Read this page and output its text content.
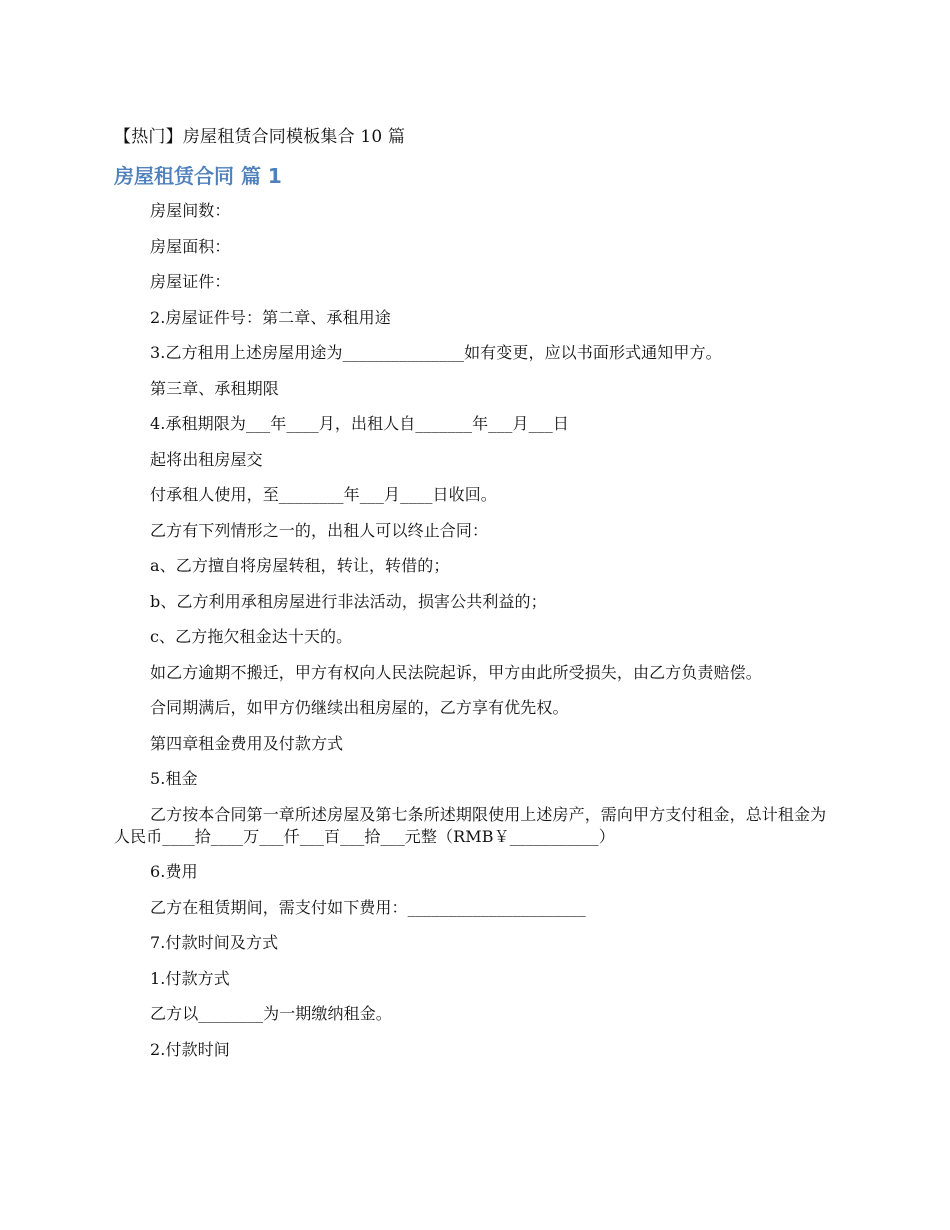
【热门】房屋租赁合同模板集合 10 篇

房屋租赁合同 篇 1

房屋间数：

房屋面积：

房屋证件：

2.房屋证件号：第二章、承租用途

3.乙方租用上述房屋用途为_______________如有变更，应以书面形式通知甲方。

第三章、承租期限

4.承租期限为___年____月，出租人自_______年___月___日

起将出租房屋交

付承租人使用，至________年___月____日收回。

乙方有下列情形之一的，出租人可以终止合同：

a、乙方擅自将房屋转租，转让，转借的；

b、乙方利用承租房屋进行非法活动，损害公共利益的；

c、乙方拖欠租金达十天的。

如乙方逾期不搬迁，甲方有权向人民法院起诉，甲方由此所受损失，由乙方负责赔偿。

合同期满后，如甲方仍继续出租房屋的，乙方享有优先权。

第四章租金费用及付款方式

5.租金

乙方按本合同第一章所述房屋及第七条所述期限使用上述房产，需向甲方支付租金，总计租金为人民币____拾____万___仟___百___拾___元整（RMB￥___________）

6.费用

乙方在租赁期间，需支付如下费用：______________________

7.付款时间及方式

1.付款方式

乙方以________为一期缴纳租金。

2.付款时间
